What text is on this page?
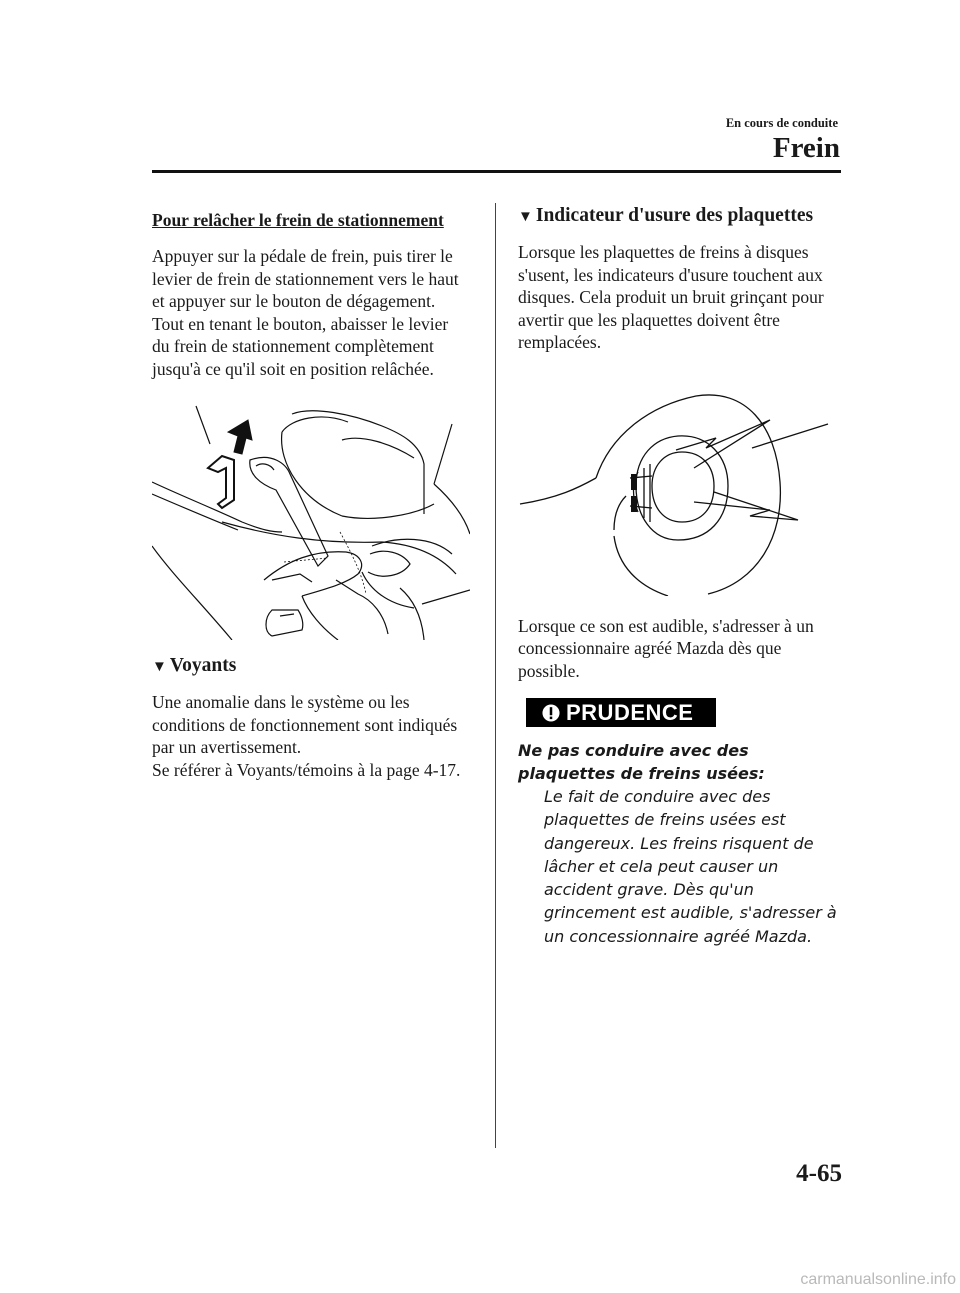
En cours de conduite
Frein

Pour relâcher le frein de stationnement

Appuyer sur la pédale de frein, puis tirer le levier de frein de stationnement vers le haut et appuyer sur le bouton de dégagement. Tout en tenant le bouton, abaisser le levier du frein de stationnement complètement jusqu'à ce qu'il soit en position relâchée.

▼ Voyants

Une anomalie dans le système ou les conditions de fonctionnement sont indiqués par un avertissement.

Se référer à Voyants/témoins à la page 4-17.

▼ Indicateur d'usure des plaquettes

Lorsque les plaquettes de freins à disques s'usent, les indicateurs d'usure touchent aux disques. Cela produit un bruit grinçant pour avertir que les plaquettes doivent être remplacées.

Lorsque ce son est audible, s'adresser à un concessionnaire agréé Mazda dès que possible.

PRUDENCE

Ne pas conduire avec des plaquettes de freins usées:

Le fait de conduire avec des plaquettes de freins usées est dangereux. Les freins risquent de lâcher et cela peut causer un accident grave. Dès qu'un grincement est audible, s'adresser à un concessionnaire agréé Mazda.

4-65
carmanualsonline.info
